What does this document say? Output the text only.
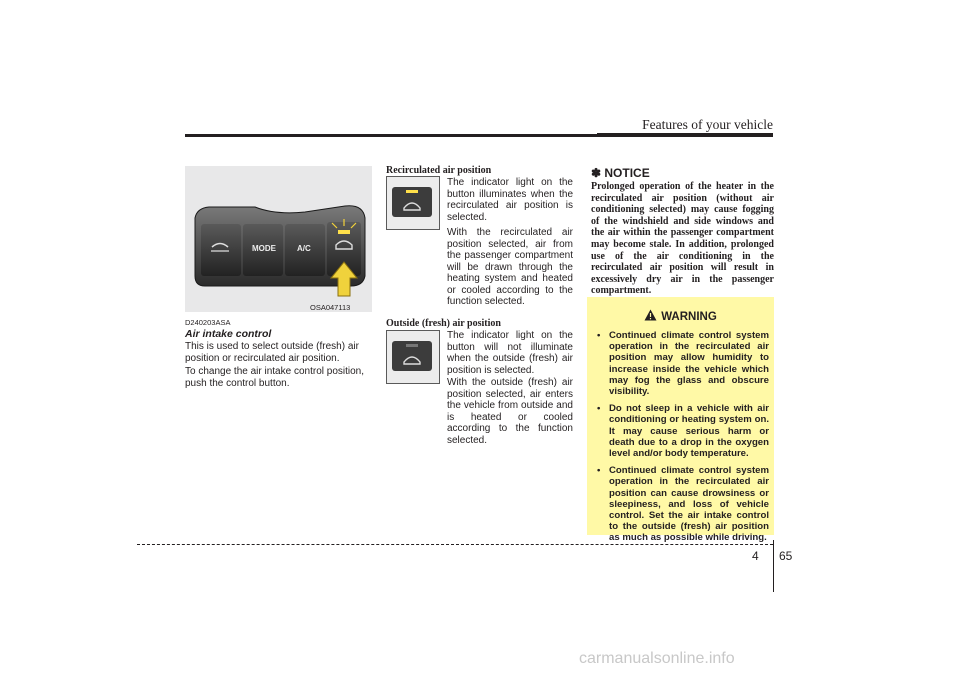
Features of your vehicle
MODE	A/C
OSA047113
D240203ASA
Air intake control
This is used to select outside (fresh) air position or recirculated air position.
To change the air intake control position, push the control button.
Recirculated air position
The indicator light on the button illuminates when the recirculated air position is selected.
With the recirculated air position selected, air from the passenger compartment will be drawn through the heating system and heated or cooled according to the function selected.
Outside (fresh) air position
The indicator light on the button will not illuminate when the outside (fresh) air position is selected.
With the outside (fresh) air position selected, air enters the vehicle from outside and is heated or cooled according to the function selected.
✽ NOTICE
Prolonged operation of the heater in the recirculated air position (without air conditioning selected) may cause fogging of the windshield and side windows and the air within the passenger compartment may become stale. In addition, prolonged use of the air conditioning in the recirculated air position will result in excessively dry air in the passenger compartment.
WARNING
• Continued climate control system operation in the recirculated air position may allow humidity to increase inside the vehicle which may fog the glass and obscure visibility.
• Do not sleep in a vehicle with air conditioning or heating system on. It may cause serious harm or death due to a drop in the oxygen level and/or body temperature.
• Continued climate control system operation in the recirculated air position can cause drowsiness or sleepiness, and loss of vehicle control. Set the air intake control to the outside (fresh) air position as much as possible while driving.
4 65
carmanualsonline.info
